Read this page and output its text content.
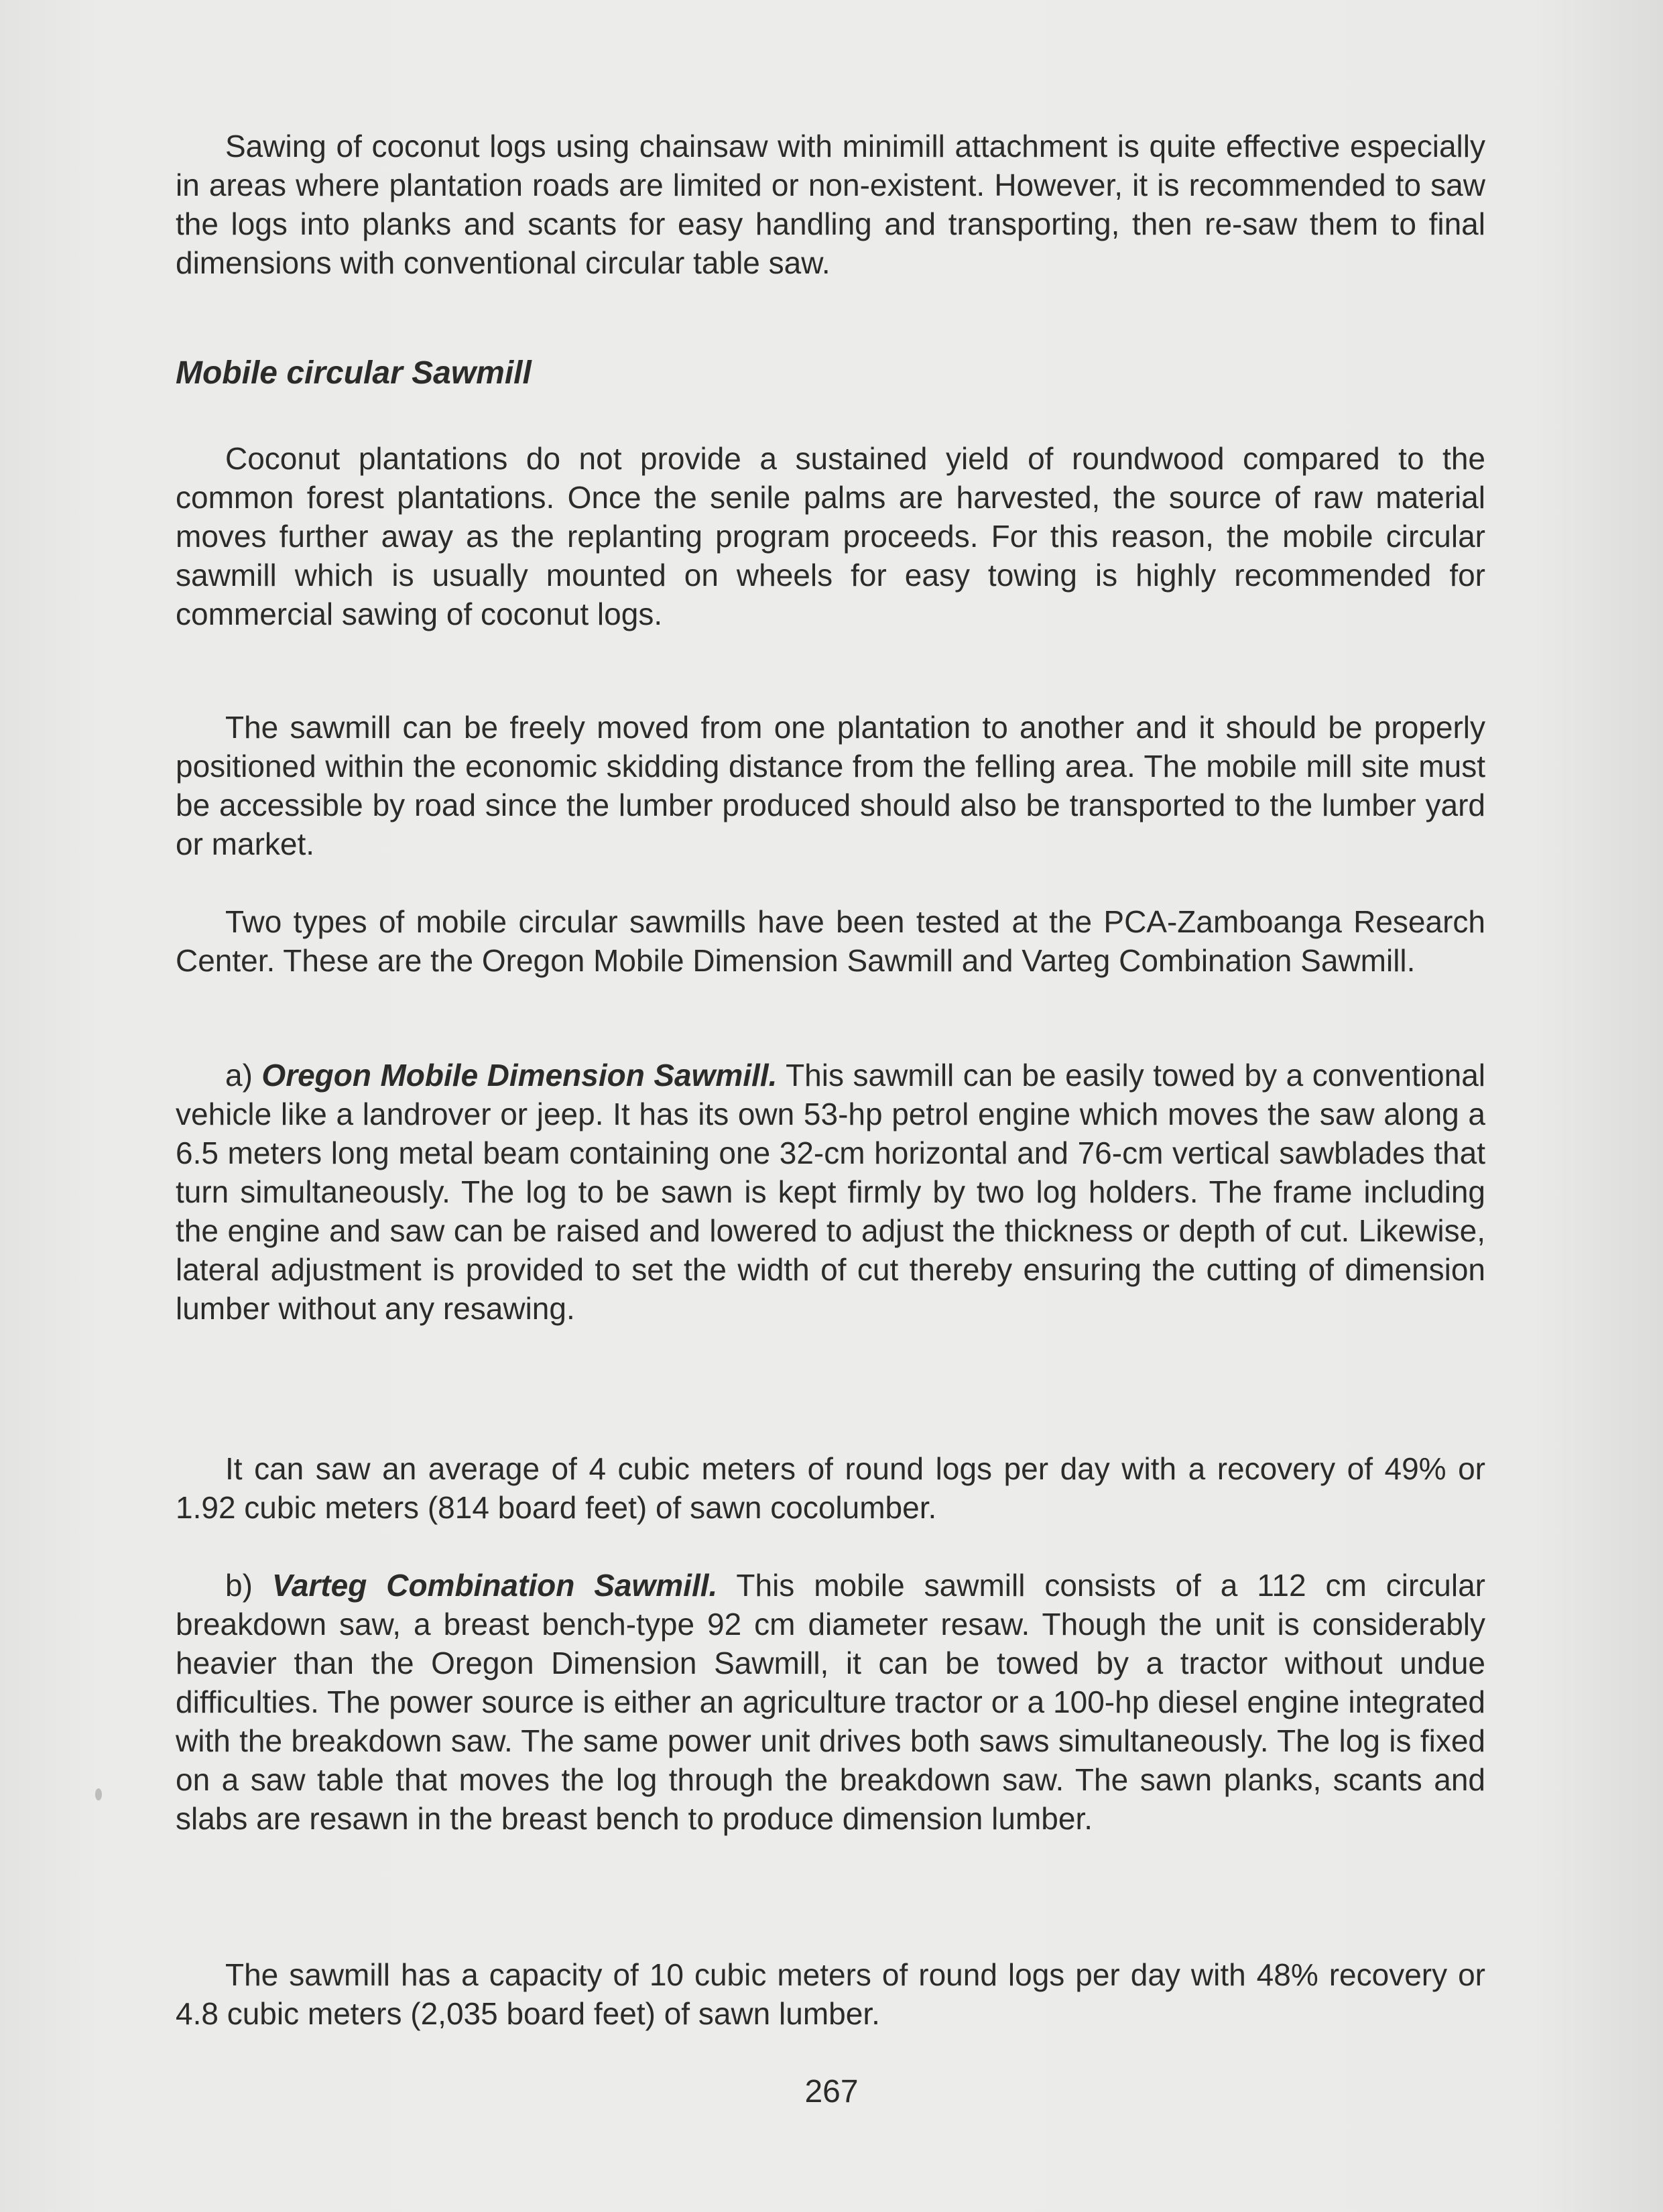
Sawing of coconut logs using chainsaw with minimill attachment is quite effective especially in areas where plantation roads are limited or non-existent. However, it is recommended to saw the logs into planks and scants for easy handling and transporting, then re-saw them to final dimensions with conventional circular table saw.

Mobile circular Sawmill

Coconut plantations do not provide a sustained yield of roundwood compared to the common forest plantations. Once the senile palms are harvested, the source of raw material moves further away as the replanting program proceeds. For this reason, the mobile circular sawmill which is usually mounted on wheels for easy towing is highly recommended for commercial sawing of coconut logs.

The sawmill can be freely moved from one plantation to another and it should be properly positioned within the economic skidding distance from the felling area. The mobile mill site must be accessible by road since the lumber produced should also be transported to the lumber yard or market.

Two types of mobile circular sawmills have been tested at the PCA-Zamboanga Research Center. These are the Oregon Mobile Dimension Sawmill and Varteg Combination Sawmill.

a) Oregon Mobile Dimension Sawmill. This sawmill can be easily towed by a conventional vehicle like a landrover or jeep. It has its own 53-hp petrol engine which moves the saw along a 6.5 meters long metal beam containing one 32-cm horizontal and 76-cm vertical sawblades that turn simultaneously. The log to be sawn is kept firmly by two log holders. The frame including the engine and saw can be raised and lowered to adjust the thickness or depth of cut. Likewise, lateral adjustment is provided to set the width of cut thereby ensuring the cutting of dimension lumber without any resawing.

It can saw an average of 4 cubic meters of round logs per day with a recovery of 49% or 1.92 cubic meters (814 board feet) of sawn cocolumber.

b) Varteg Combination Sawmill. This mobile sawmill consists of a 112 cm circular breakdown saw, a breast bench-type 92 cm diameter resaw. Though the unit is considerably heavier than the Oregon Dimension Sawmill, it can be towed by a tractor without undue difficulties. The power source is either an agriculture tractor or a 100-hp diesel engine integrated with the breakdown saw. The same power unit drives both saws simultaneously. The log is fixed on a saw table that moves the log through the breakdown saw. The sawn planks, scants and slabs are resawn in the breast bench to produce dimension lumber.

The sawmill has a capacity of 10 cubic meters of round logs per day with 48% recovery or 4.8 cubic meters (2,035 board feet) of sawn lumber.

267
